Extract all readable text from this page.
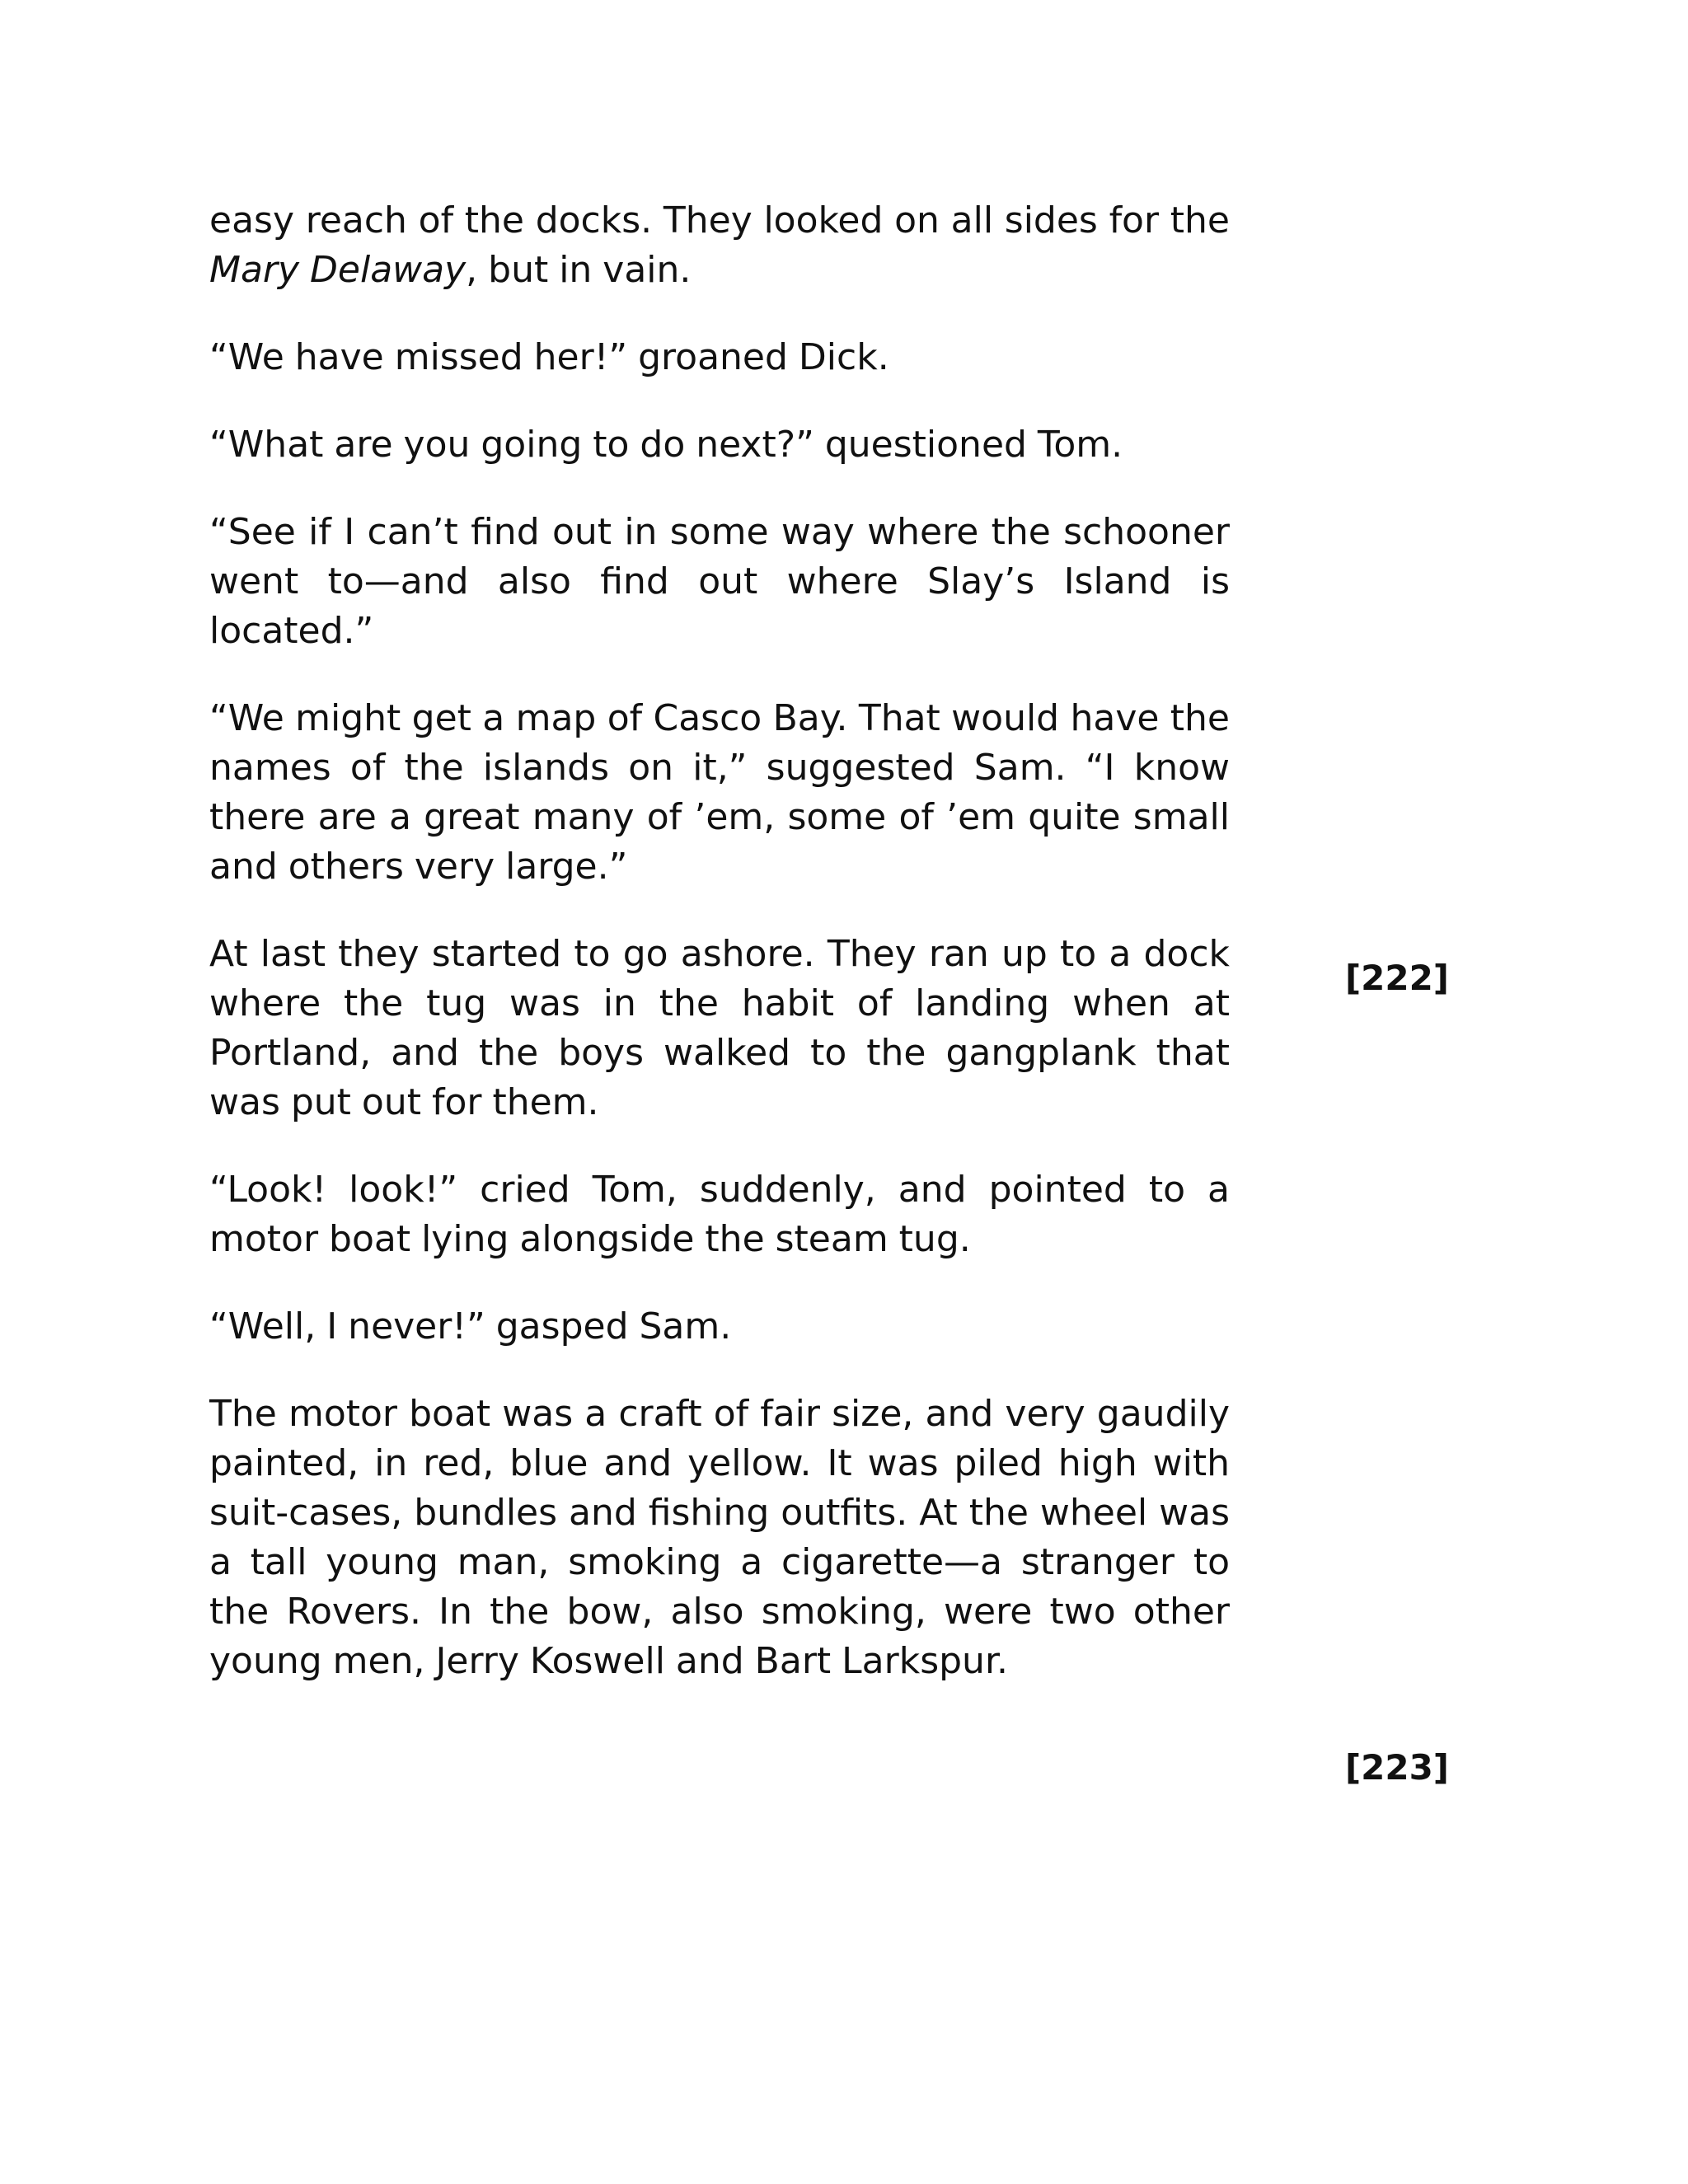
easy reach of the docks. They looked on all sides for the Mary Delaway, but in vain.

“We have missed her!” groaned Dick.

“What are you going to do next?” questioned Tom.

“See if I can’t find out in some way where the schooner went to—and also find out where Slay’s Island is located.”

“We might get a map of Casco Bay. That would have the names of the islands on it,” suggested Sam. “I know there are a great many of ’em, some of ’em quite small and others very large.”

At last they started to go ashore. They ran up to a dock where the tug was in the habit of landing when at Portland, and the boys walked to the gangplank that was put out for them.

“Look! look!” cried Tom, suddenly, and pointed to a motor boat lying alongside the steam tug.

“Well, I never!” gasped Sam.

The motor boat was a craft of fair size, and very gaudily painted, in red, blue and yellow. It was piled high with suit-cases, bundles and fishing outfits. At the wheel was a tall young man, smoking a cigarette—a stranger to the Rovers. In the bow, also smoking, were two other young men, Jerry Koswell and Bart Larkspur.

[222]
[223]
